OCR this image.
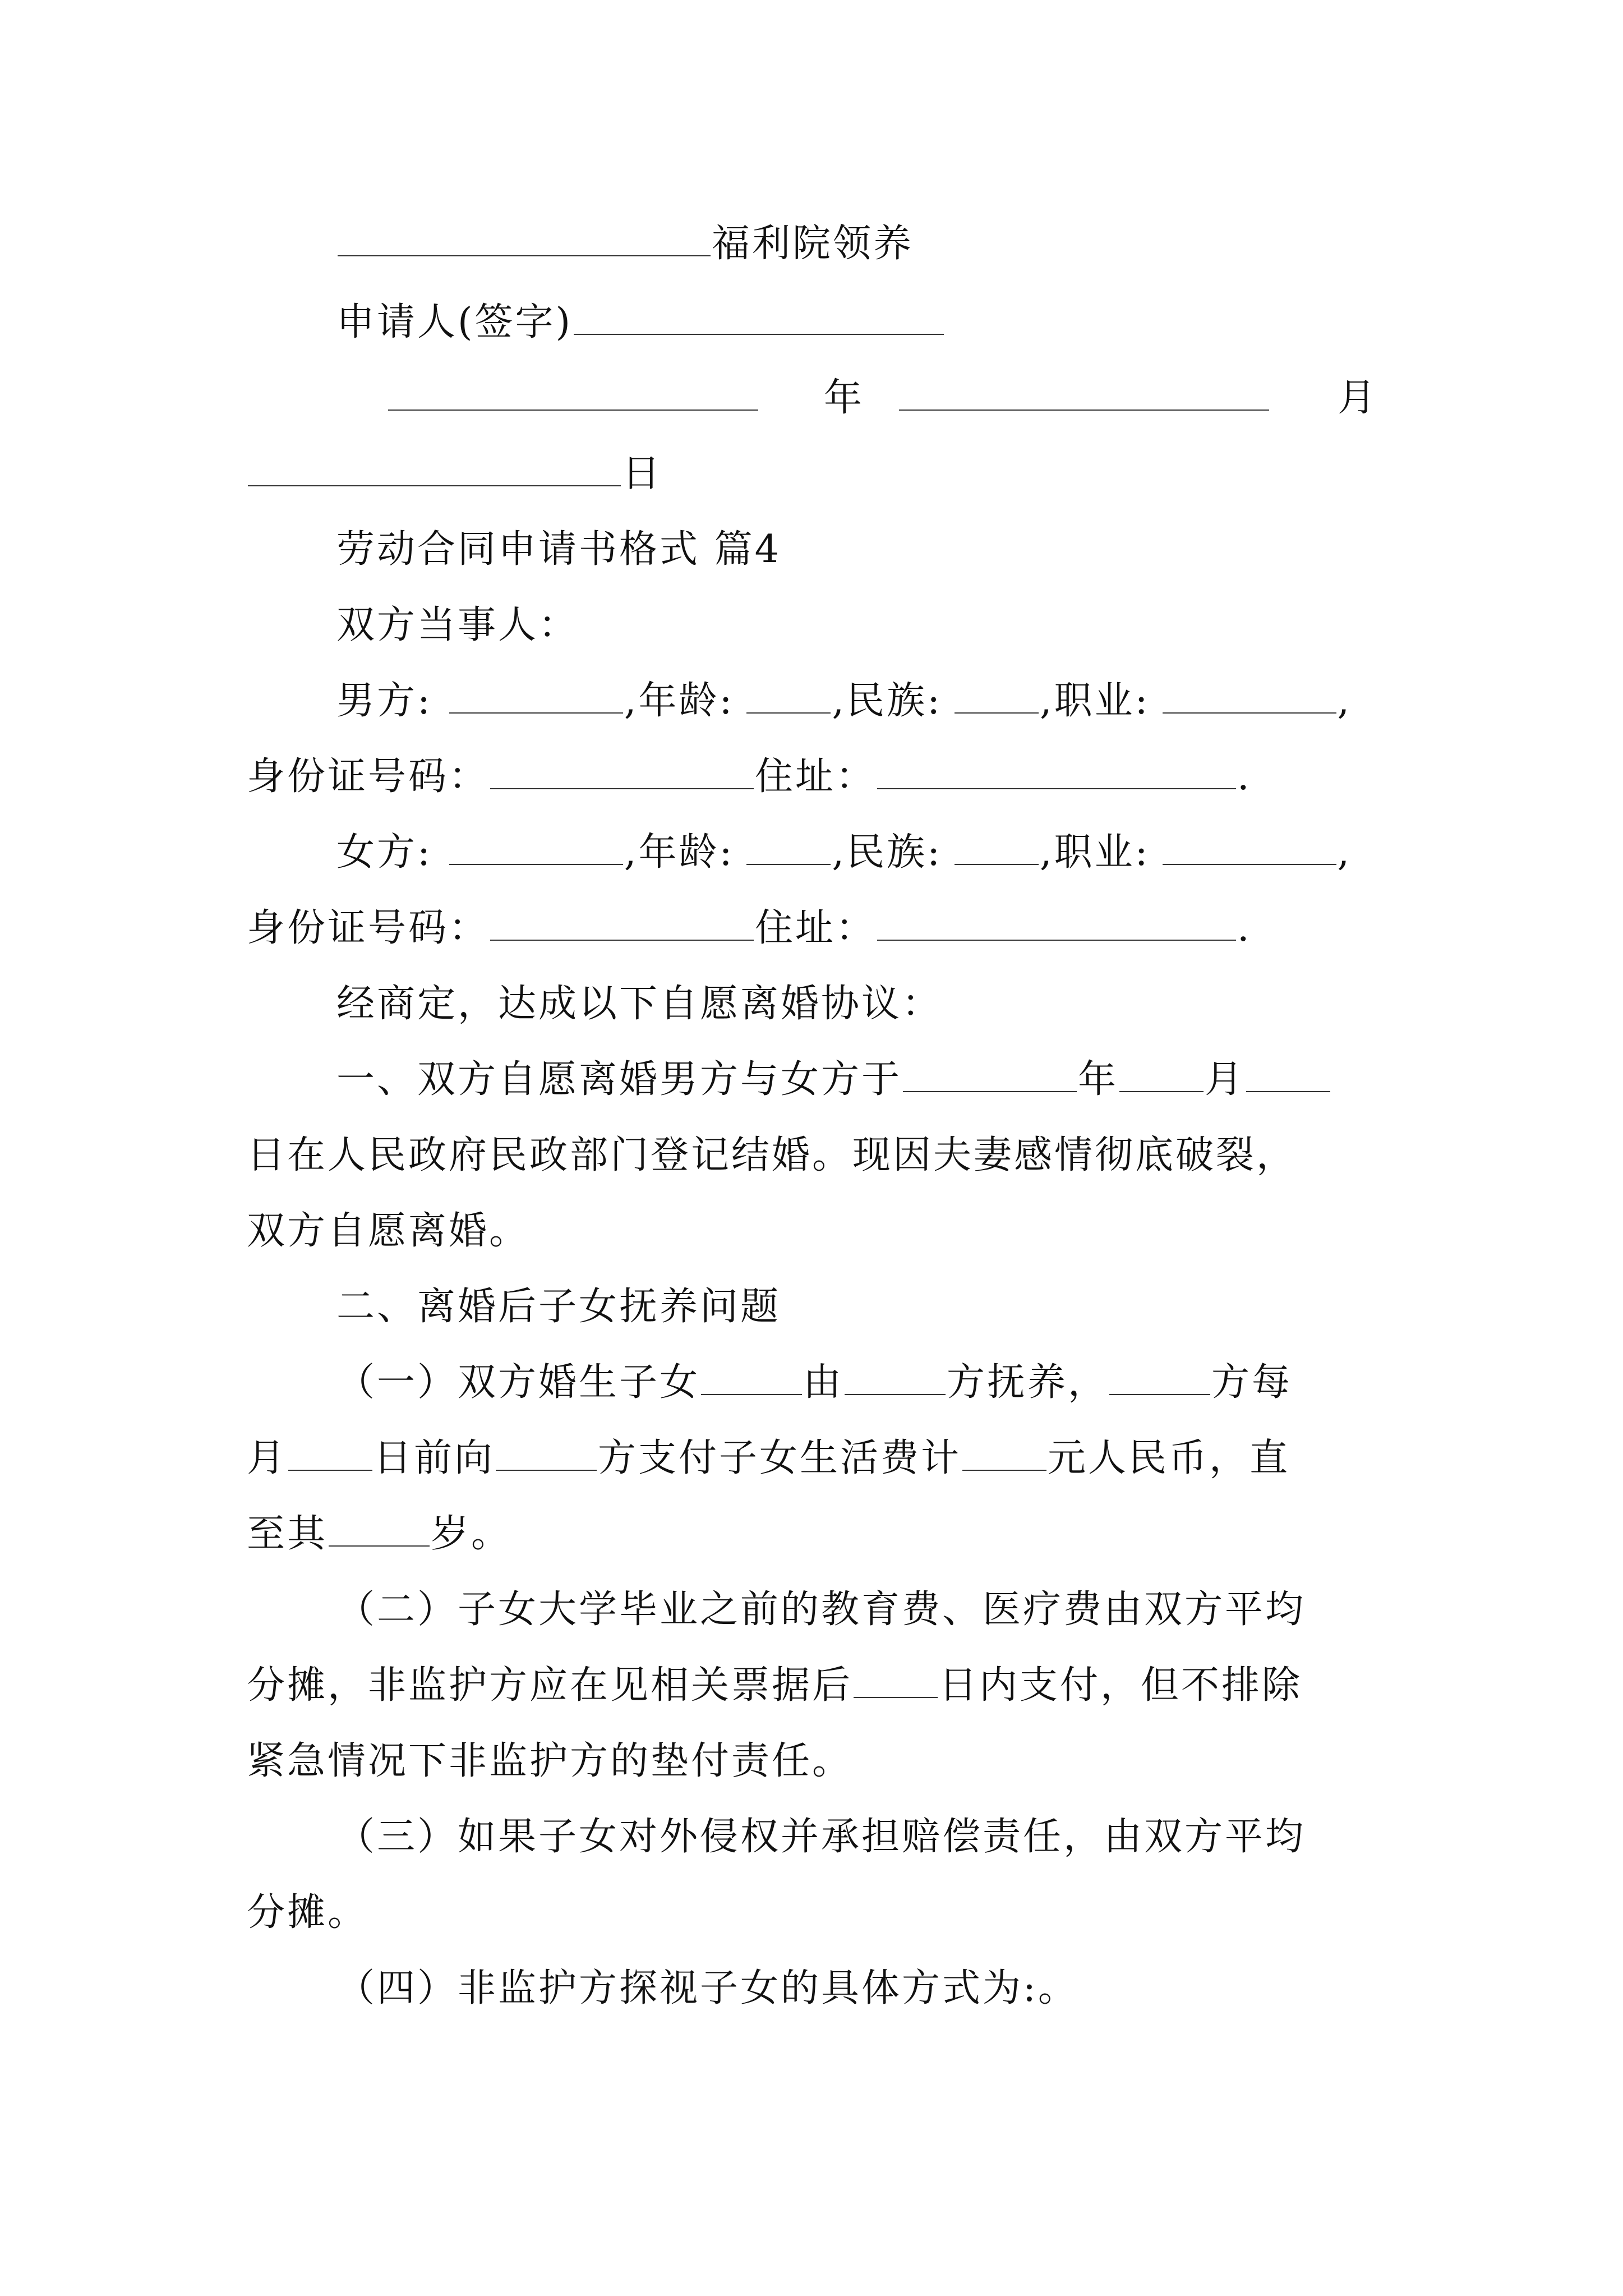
福利院领养
申请人(签字)
年	月
日
劳动合同申请书格式 篇4
双方当事人：
男方:	,年龄:	,民族:	,职业:	,
身份证号码：	住址：	.
女方:	,年龄:	,民族:	,职业:	,
身份证号码：	住址：	.
经商定，达成以下自愿离婚协议：
一、双方自愿离婚男方与女方于	年 月
日在人民政府民政部门登记结婚。现因夫妻感情彻底破裂，
双方自愿离婚。
二、离婚后子女抚养问题
（一）双方婚生子女	由	方抚养，	方每
月 日前向	方支付子女生活费计 元人民币，直
至其	岁。
（二）子女大学毕业之前的教育费、医疗费由双方平均
分摊，非监护方应在见相关票据后 日内支付，但不排除
紧急情况下非监护方的垫付责任。
（三）如果子女对外侵权并承担赔偿责任，由双方平均
分摊。
（四）非监护方探视子女的具体方式为:。
